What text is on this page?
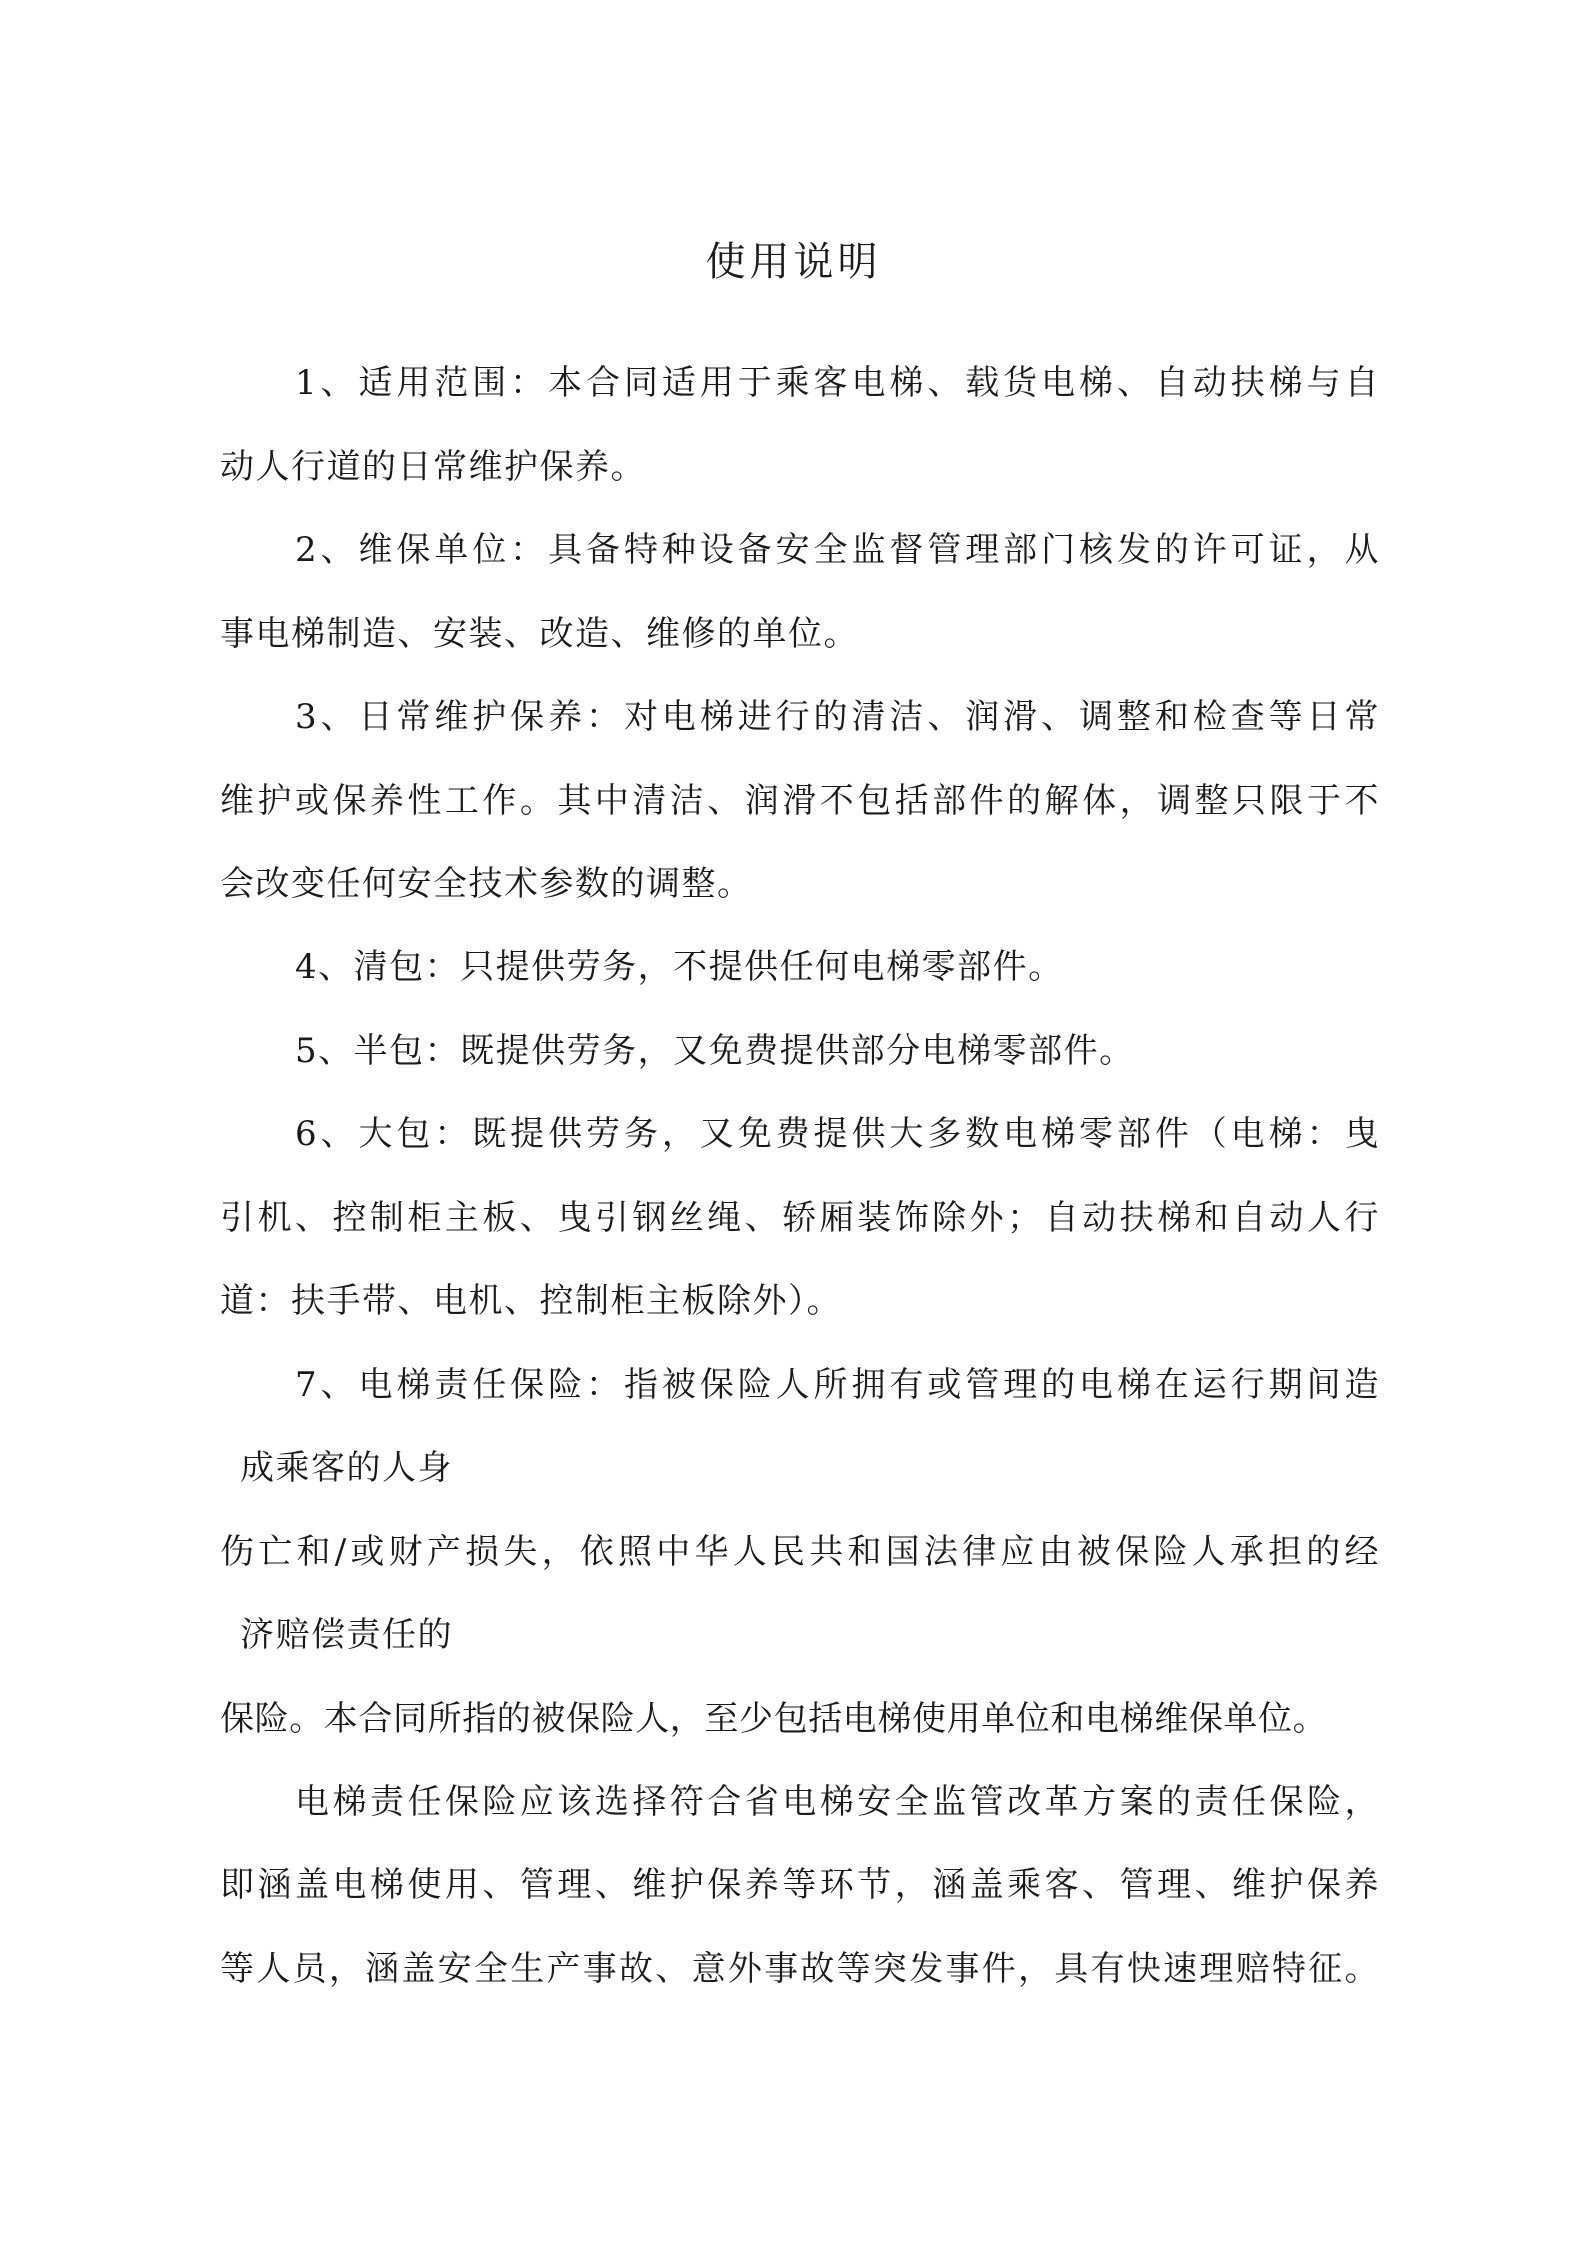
使用说明

1、适用范围：本合同适用于乘客电梯、载货电梯、自动扶梯与自

动人行道的日常维护保养。

2、维保单位：具备特种设备安全监督管理部门核发的许可证，从

事电梯制造、安装、改造、维修的单位。

3、日常维护保养：对电梯进行的清洁、润滑、调整和检查等日常

维护或保养性工作。其中清洁、润滑不包括部件的解体，调整只限于不

会改变任何安全技术参数的调整。

4、清包：只提供劳务，不提供任何电梯零部件。

5、半包：既提供劳务，又免费提供部分电梯零部件。

6、大包：既提供劳务，又免费提供大多数电梯零部件（电梯：曳

引机、控制柜主板、曳引钢丝绳、轿厢装饰除外；自动扶梯和自动人行

道：扶手带、电机、控制柜主板除外）。

7、电梯责任保险：指被保险人所拥有或管理的电梯在运行期间造

成乘客的人身

伤亡和/或财产损失，依照中华人民共和国法律应由被保险人承担的经

济赔偿责任的

保险。本合同所指的被保险人，至少包括电梯使用单位和电梯维保单位。

电梯责任保险应该选择符合省电梯安全监管改革方案的责任保险，

即涵盖电梯使用、管理、维护保养等环节，涵盖乘客、管理、维护保养

等人员，涵盖安全生产事故、意外事故等突发事件，具有快速理赔特征。
